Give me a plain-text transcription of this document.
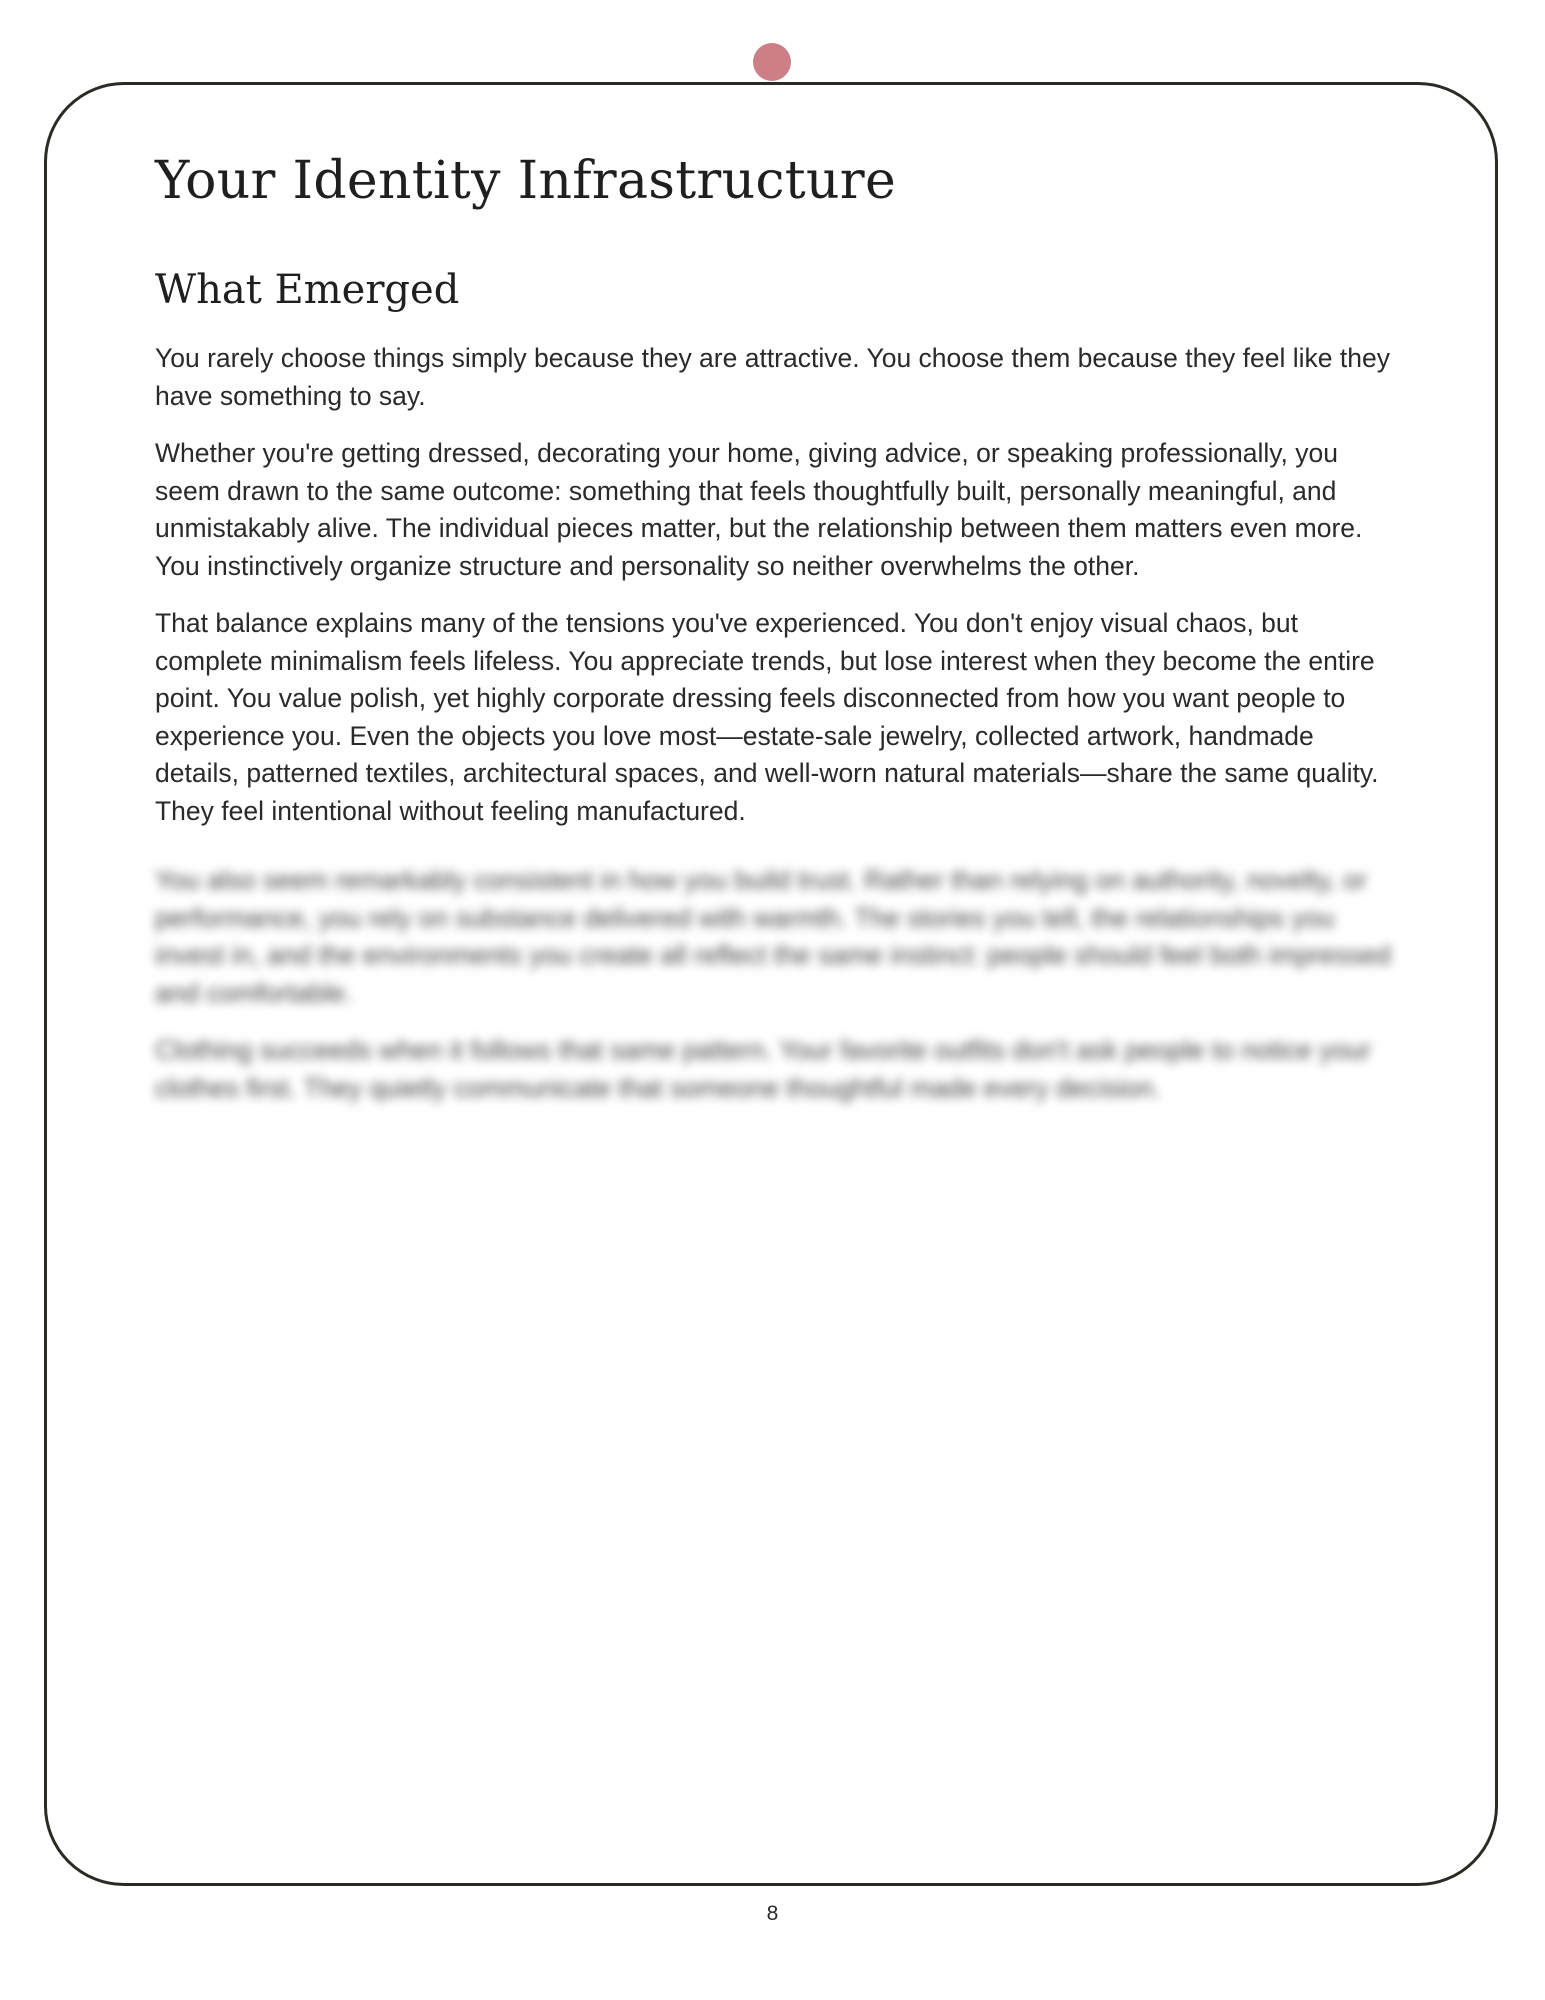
Your Identity Infrastructure
What Emerged

You rarely choose things simply because they are attractive. You choose them because they feel like they have something to say.

Whether you're getting dressed, decorating your home, giving advice, or speaking professionally, you seem drawn to the same outcome: something that feels thoughtfully built, personally meaningful, and unmistakably alive. The individual pieces matter, but the relationship between them matters even more. You instinctively organize structure and personality so neither overwhelms the other.

That balance explains many of the tensions you've experienced. You don't enjoy visual chaos, but complete minimalism feels lifeless. You appreciate trends, but lose interest when they become the entire point. You value polish, yet highly corporate dressing feels disconnected from how you want people to experience you. Even the objects you love most—estate-sale jewelry, collected artwork, handmade details, patterned textiles, architectural spaces, and well-worn natural materials—share the same quality. They feel intentional without feeling manufactured.

You also seem remarkably consistent in how you build trust. Rather than relying on authority, novelty, or performance, you rely on substance delivered with warmth. The stories you tell, the relationships you invest in, and the environments you create all reflect the same instinct: people should feel both impressed and comfortable.

Clothing succeeds when it follows that same pattern. Your favorite outfits don't ask people to notice your clothes first. They quietly communicate that someone thoughtful made every decision.

8
